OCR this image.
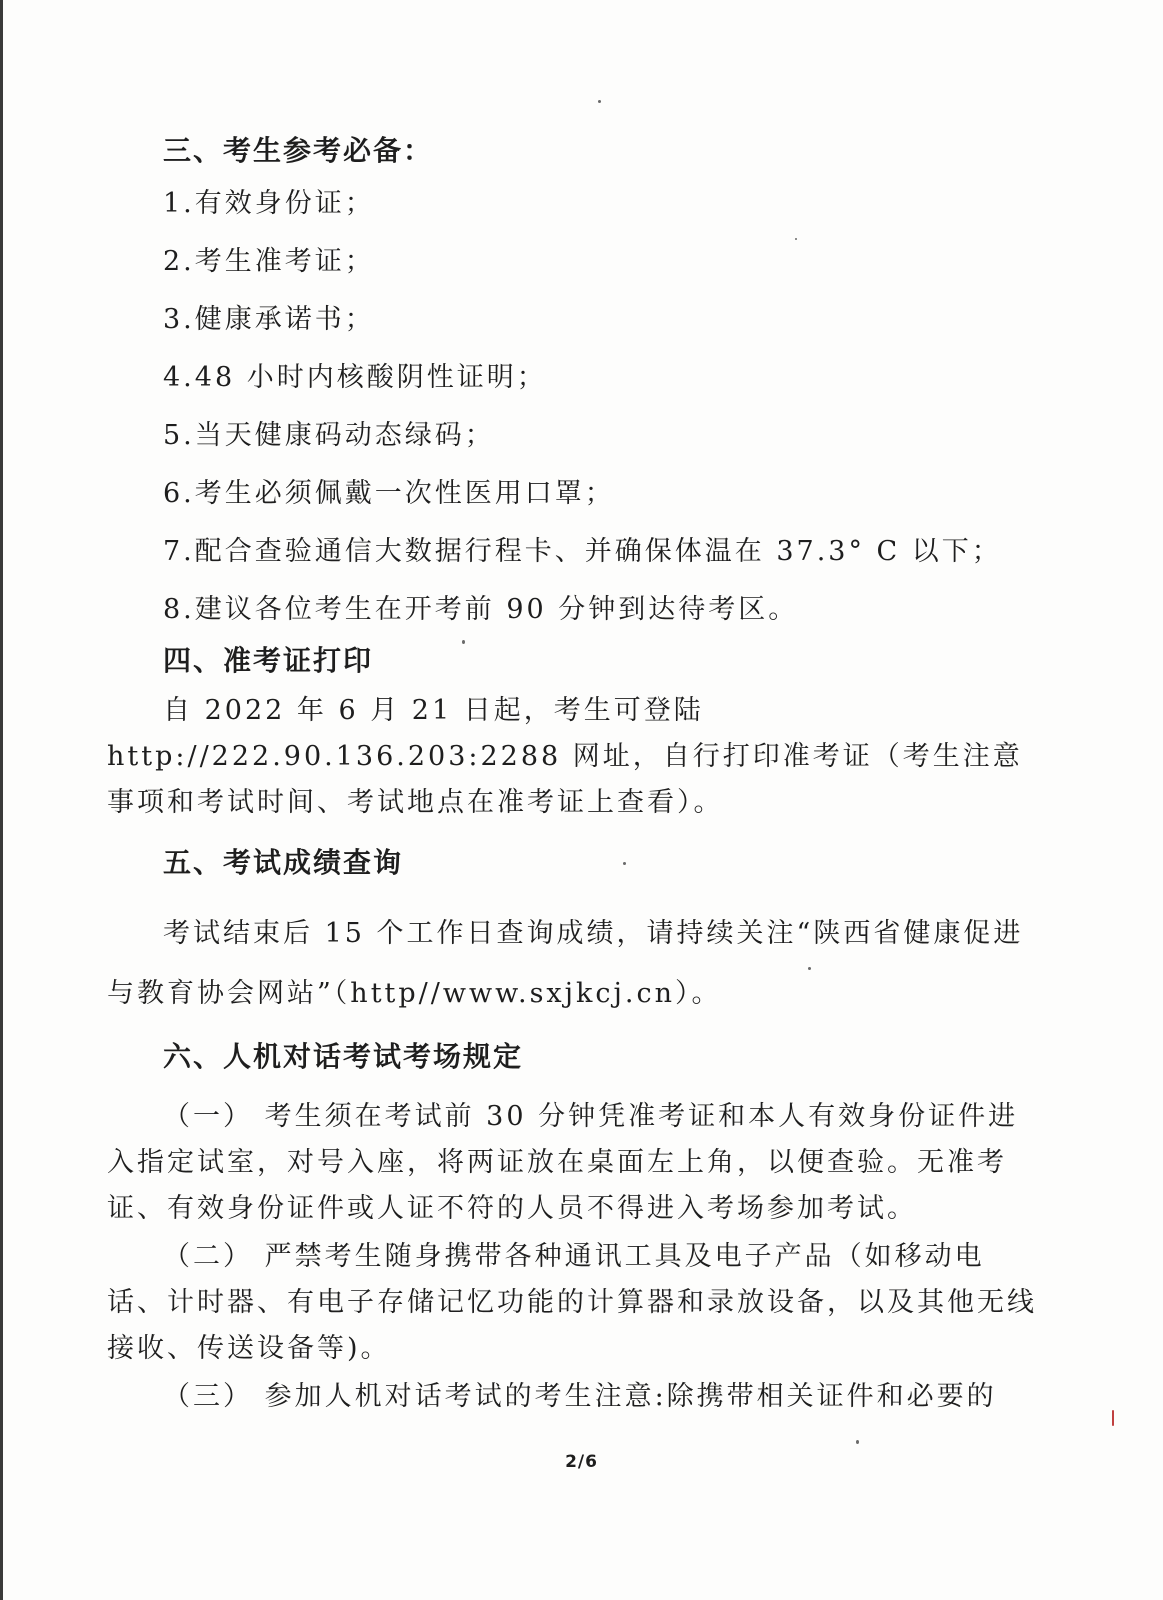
三、考生参考必备：

1.有效身份证；

2.考生准考证；

3.健康承诺书；

4.48 小时内核酸阴性证明；

5.当天健康码动态绿码；

6.考生必须佩戴一次性医用口罩；

7.配合查验通信大数据行程卡、并确保体温在 37.3° C 以下；

8.建议各位考生在开考前 90 分钟到达待考区。

四、准考证打印

自 2022 年 6 月 21 日起，考生可登陆 http://222.90.136.203:2288 网址，自行打印准考证（考生注意事项和考试时间、考试地点在准考证上查看）。

五、考试成绩查询

考试结束后 15 个工作日查询成绩，请持续关注“陕西省健康促进与教育协会网站”（http//www.sxjkcj.cn）。

六、人机对话考试考场规定

（一） 考生须在考试前 30 分钟凭准考证和本人有效身份证件进入指定试室，对号入座，将两证放在桌面左上角，以便查验。无准考证、有效身份证件或人证不符的人员不得进入考场参加考试。

（二） 严禁考生随身携带各种通讯工具及电子产品（如移动电话、计时器、有电子存储记忆功能的计算器和录放设备，以及其他无线接收、传送设备等)。

（三） 参加人机对话考试的考生注意:除携带相关证件和必要的

2/6
